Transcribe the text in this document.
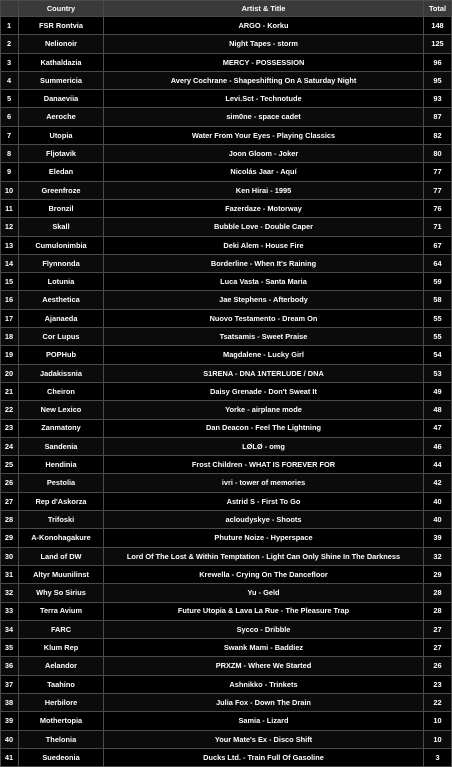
	Country	Artist & Title	Total
1	FSR Rontvia	ARGO - Korku	148
2	Nelionoir	Night Tapes - storm	125
3	Kathaldazia	MERCY - POSSESSION	96
4	Summericia	Avery Cochrane - Shapeshifting On A Saturday Night	95
5	Danaeviia	Levi.Sct - Technotude	93
6	Aeroche	sim0ne - space cadet	87
7	Utopia	Water From Your Eyes - Playing Classics	82
8	Fljotavik	Joon Gloom - Joker	80
9	Eledan	Nicolás Jaar - Aquí	77
10	Greenfroze	Ken Hirai - 1995	77
11	Bronzil	Fazerdaze - Motorway	76
12	Skall	Bubble Love - Double Caper	71
13	Cumulonimbia	Deki Alem - House Fire	67
14	Flynnonda	Borderline - When It's Raining	64
15	Lotunia	Luca Vasta - Santa Maria	59
16	Aesthetica	Jae Stephens - Afterbody	58
17	Ajanaeda	Nuovo Testamento - Dream On	55
18	Cor Lupus	Tsatsamis - Sweet Praise	55
19	POPHub	Magdalene - Lucky Girl	54
20	Jadakissnia	S1RENA - DNA 1NTERLUDE / DNA	53
21	Cheiron	Daisy Grenade - Don't Sweat It	49
22	New Lexico	Yorke - airplane mode	48
23	Zanmatony	Dan Deacon - Feel The Lightning	47
24	Sandenia	LØLØ - omg	46
25	Hendinia	Frost Children - WHAT IS FOREVER FOR	44
26	Pestolia	ivri - tower of memories	42
27	Rep d'Askorza	Astrid S - First To Go	40
28	Trifoski	acloudyskye - Shoots	40
29	A-Konohagakure	Phuture Noize - Hyperspace	39
30	Land of DW	Lord Of The Lost & Within Temptation - Light Can Only Shine In The Darkness	32
31	Altyr Muunilinst	Krewella - Crying On The Dancefloor	29
32	Why So Sirius	Yu - Geld	28
33	Terra Avium	Future Utopia & Lava La Rue - The Pleasure Trap	28
34	FARC	Sycco - Dribble	27
35	Klum Rep	Swank Mami - Baddiez	27
36	Aelandor	PRXZM - Where We Started	26
37	Taahino	Ashnikko - Trinkets	23
38	Herbilore	Julia Fox - Down The Drain	22
39	Mothertopia	Samia - Lizard	10
40	Thelonia	Your Mate's Ex - Disco Shift	10
41	Suedeonia	Ducks Ltd. - Train Full Of Gasoline	3
